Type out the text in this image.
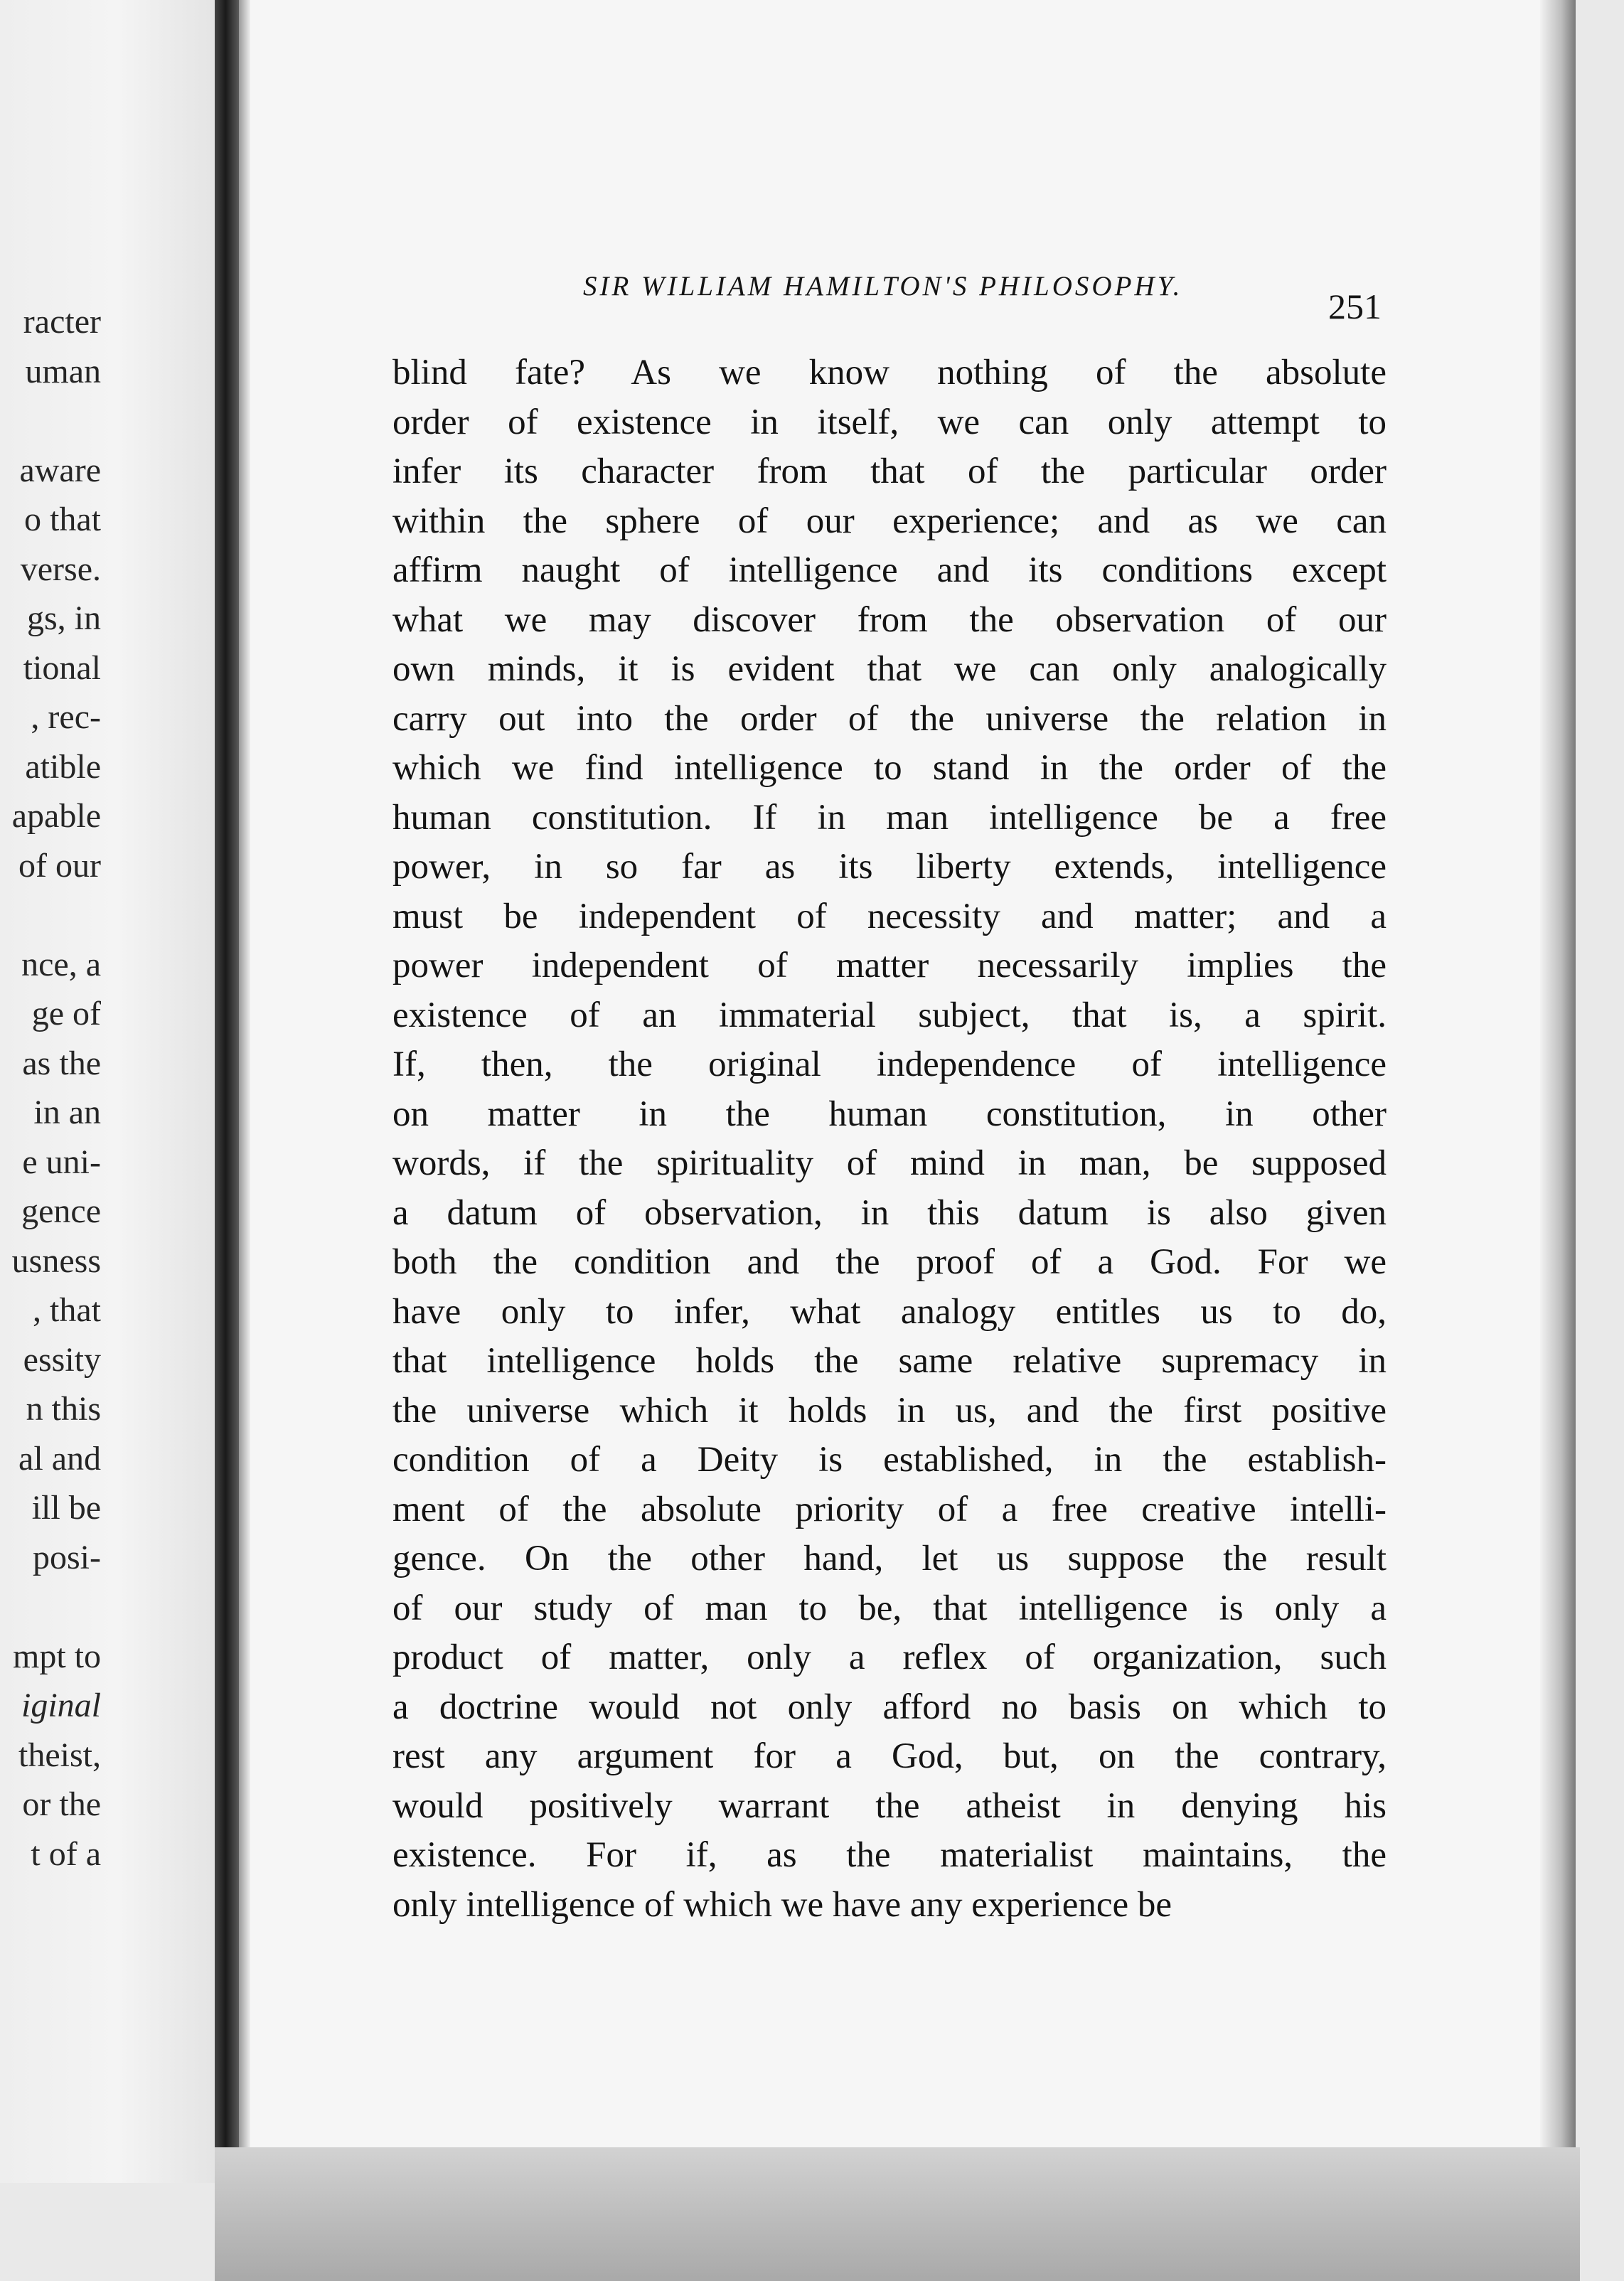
racter
uman
aware
o that
verse.
gs, in
tional
, rec-
atible
apable
of our
nce, a
ge of
as the
in an
e uni-
gence
usness
, that
essity
n this
al and
ill be
posi-
mpt to
iginal
theist,
or the
t of a
SIR WILLIAM HAMILTON'S PHILOSOPHY.
251
blind fate? As we know nothing of the absolute
order of existence in itself, we can only attempt to
infer its character from that of the particular order
within the sphere of our experience; and as we can
affirm naught of intelligence and its conditions except
what we may discover from the observation of our
own minds, it is evident that we can only analogically
carry out into the order of the universe the relation in
which we find intelligence to stand in the order of the
human constitution. If in man intelligence be a free
power, in so far as its liberty extends, intelligence
must be independent of necessity and matter; and a
power independent of matter necessarily implies the
existence of an immaterial subject, that is, a spirit.
If, then, the original independence of intelligence
on matter in the human constitution, in other
words, if the spirituality of mind in man, be supposed
a datum of observation, in this datum is also given
both the condition and the proof of a God. For we
have only to infer, what analogy entitles us to do,
that intelligence holds the same relative supremacy in
the universe which it holds in us, and the first positive
condition of a Deity is established, in the establish-
ment of the absolute priority of a free creative intelli-
gence. On the other hand, let us suppose the result
of our study of man to be, that intelligence is only a
product of matter, only a reflex of organization, such
a doctrine would not only afford no basis on which to
rest any argument for a God, but, on the contrary,
would positively warrant the atheist in denying his
existence. For if, as the materialist maintains, the
only intelligence of which we have any experience be
